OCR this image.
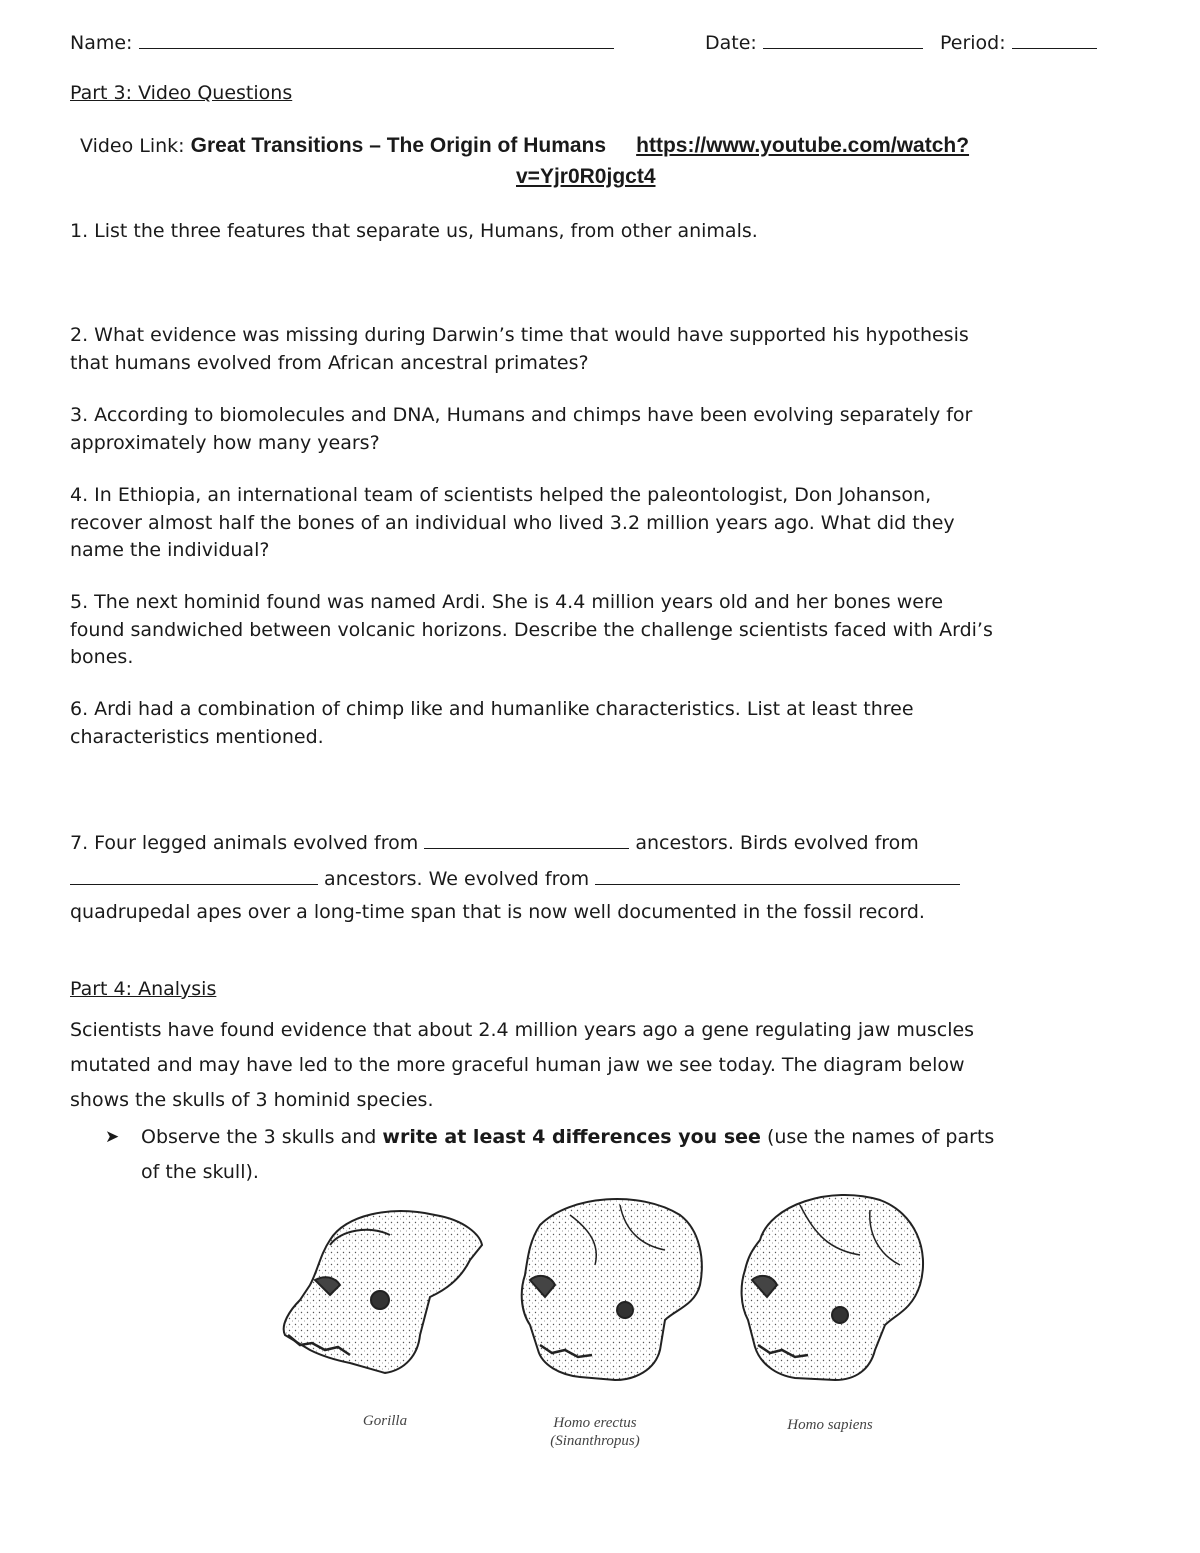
Name:	Date:	Period:
Part 3: Video Questions
Video Link: Great Transitions – The Origin of Humans https://www.youtube.com/watch?
v=Yjr0R0jgct4
1. List the three features that separate us, Humans, from other animals.
2. What evidence was missing during Darwin’s time that would have supported his hypothesis
that humans evolved from African ancestral primates?
3. According to biomolecules and DNA, Humans and chimps have been evolving separately for
approximately how many years?
4. In Ethiopia, an international team of scientists helped the paleontologist, Don Johanson,
recover almost half the bones of an individual who lived 3.2 million years ago. What did they
name the individual?
5. The next hominid found was named Ardi. She is 4.4 million years old and her bones were
found sandwiched between volcanic horizons. Describe the challenge scientists faced with Ardi’s
bones.
6. Ardi had a combination of chimp like and humanlike characteristics. List at least three
characteristics mentioned.
7. Four legged animals evolved from	ancestors. Birds evolved from
ancestors. We evolved from
quadrupedal apes over a long-time span that is now well documented in the fossil record.
Part 4: Analysis
Scientists have found evidence that about 2.4 million years ago a gene regulating jaw muscles
mutated and may have led to the more graceful human jaw we see today. The diagram below
shows the skulls of 3 hominid species.
➤ Observe the 3 skulls and write at least 4 differences you see (use the names of parts
of the skull).
Gorilla	Homo erectus
(Sinanthropus)
Homo sapiens
